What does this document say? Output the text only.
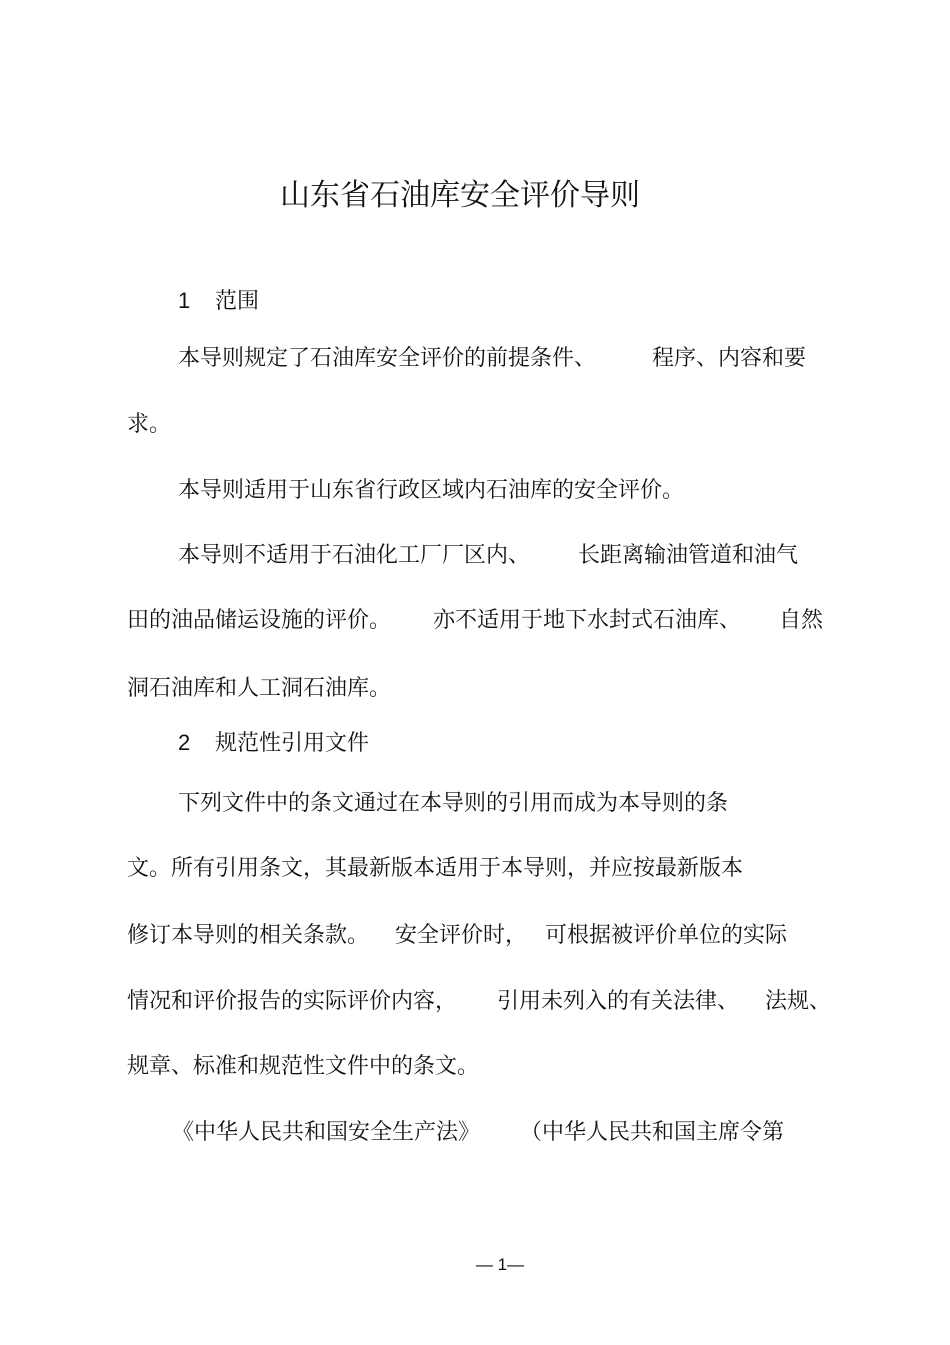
山东省石油库安全评价导则
1 范围
本导则规定了石油库安全评价的前提条件、	程序、内容和要
求。
本导则适用于山东省行政区域内石油库的安全评价。
本导则不适用于石油化工厂厂区内、 长距离输油管道和油气
田的油品储运设施的评价。 亦不适用于地下水封式石油库、 自然
洞石油库和人工洞石油库。
2 规范性引用文件
下列文件中的条文通过在本导则的引用而成为本导则的条
文。所有引用条文，其最新版本适用于本导则，并应按最新版本
修订本导则的相关条款。 安全评价时， 可根据被评价单位的实际
情况和评价报告的实际评价内容， 引用未列入的有关法律、 法规、
规章、标准和规范性文件中的条文。
《中华人民共和国安全生产法》 （中华人民共和国主席令第
— 1—
